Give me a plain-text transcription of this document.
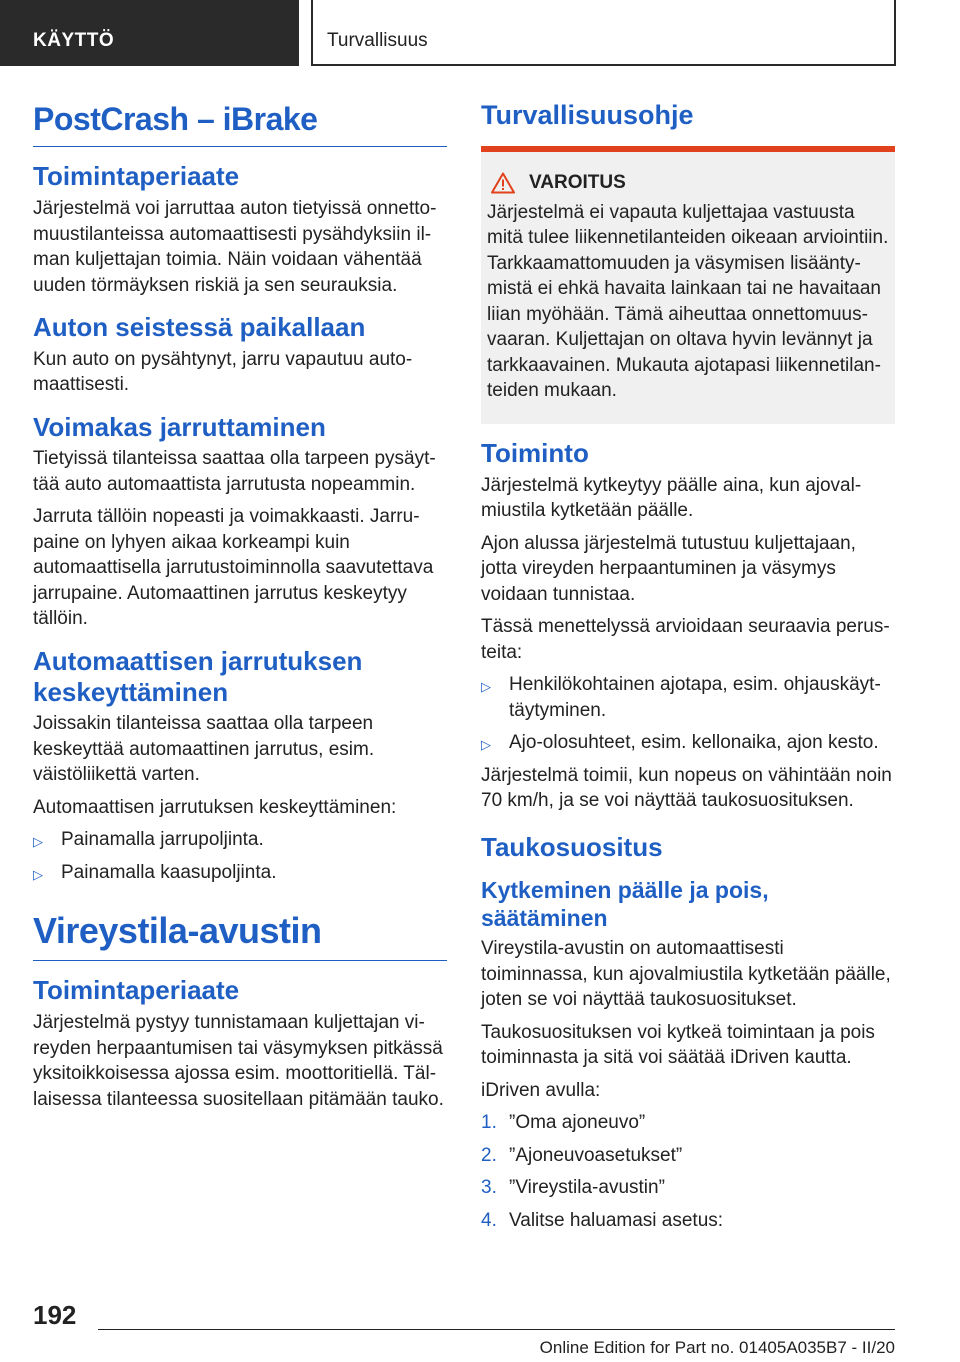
KÄYTTÖ	Turvallisuus
PostCrash – iBrake
Toimintaperiaate
Järjestelmä voi jarruttaa auton tietyissä onnettomuustilanteissa automaattisesti pysähdyksiin ilman kuljettajan toimia. Näin voidaan vähentää uuden törmäyksen riskiä ja sen seurauksia.
Auton seistessä paikallaan
Kun auto on pysähtynyt, jarru vapautuu automaattisesti.
Voimakas jarruttaminen
Tietyissä tilanteissa saattaa olla tarpeen pysäyttää auto automaattista jarrutusta nopeammin.
Jarruta tällöin nopeasti ja voimakkaasti. Jarrupaine on lyhyen aikaa korkeampi kuin automaattisella jarrutustoiminnolla saavutettava jarrupaine. Automaattinen jarrutus keskeytyy tällöin.
Automaattisen jarrutuksen keskeyttäminen
Joissakin tilanteissa saattaa olla tarpeen keskeyttää automaattinen jarrutus, esim. väistöliikettä varten.
Automaattisen jarrutuksen keskeyttäminen:
▷ Painamalla jarrupoljinta.
▷ Painamalla kaasupoljinta.
Vireystila-avustin
Toimintaperiaate
Järjestelmä pystyy tunnistamaan kuljettajan vireyden herpaantumisen tai väsymyksen pitkässä yksitoikkoisessa ajossa esim. moottoritiellä. Tällaisessa tilanteessa suositellaan pitämään tauko.
Turvallisuusohje
VAROITUS
Järjestelmä ei vapauta kuljettajaa vastuusta mitä tulee liikennetilanteiden oikeaan arviointiin. Tarkkaamattomuuden ja väsymisen lisääntymistä ei ehkä havaita lainkaan tai ne havaitaan liian myöhään. Tämä aiheuttaa onnettomuusvaaran. Kuljettajan on oltava hyvin levännyt ja tarkkaavainen. Mukauta ajotapasi liikennetilanteiden mukaan.
Toiminto
Järjestelmä kytkeytyy päälle aina, kun ajovalmiustila kytketään päälle.
Ajon alussa järjestelmä tutustuu kuljettajaan, jotta vireyden herpaantuminen ja väsymys voidaan tunnistaa.
Tässä menettelyssä arvioidaan seuraavia perusteita:
▷ Henkilökohtainen ajotapa, esim. ohjauskäyttäytyminen.
▷ Ajo-olosuhteet, esim. kellonaika, ajon kesto.
Järjestelmä toimii, kun nopeus on vähintään noin 70 km/h, ja se voi näyttää taukosuosituksen.
Taukosuositus
Kytkeminen päälle ja pois, säätäminen
Vireystila-avustin on automaattisesti toiminnassa, kun ajovalmiustila kytketään päälle, joten se voi näyttää taukosuositukset.
Taukosuosituksen voi kytkeä toimintaan ja pois toiminnasta ja sitä voi säätää iDriven kautta.
iDriven avulla:
1. ”Oma ajoneuvo”
2. ”Ajoneuvoasetukset”
3. ”Vireystila-avustin”
4. Valitse haluamasi asetus:
192
Online Edition for Part no. 01405A035B7 - II/20
